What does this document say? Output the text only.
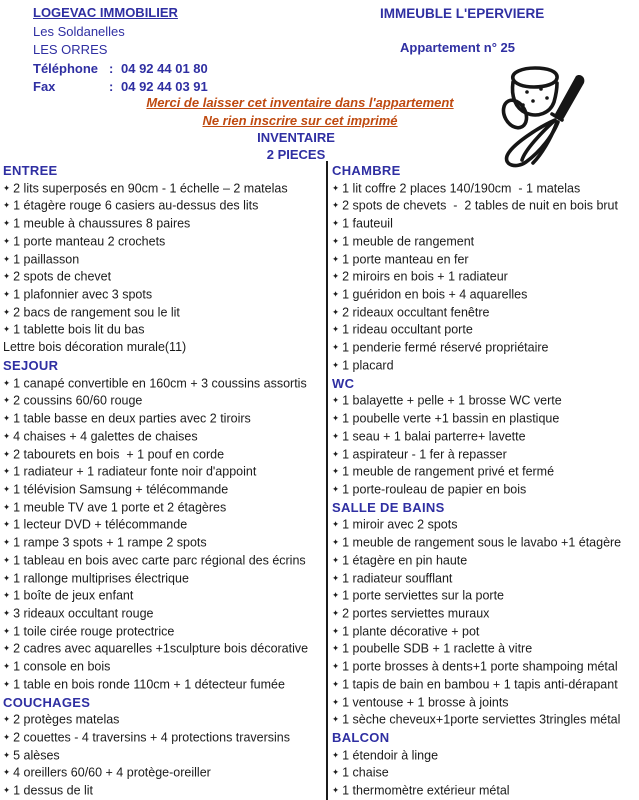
LOGEVAC IMMOBILIER
Les Soldanelles
LES ORRES
Téléphone : 04 92 44 01 80
Fax	: 04 92 44 03 91
IMMEUBLE L'EPERVIERE
Appartement n° 25
Merci de laisser cet inventaire dans l'appartement
Ne rien inscrire sur cet imprimé
INVENTAIRE
2 PIECES
ENTREE
✦ 2 lits superposés en 90cm - 1 échelle – 2 matelas
✦ 1 étagère rouge 6 casiers au-dessus des lits
✦ 1 meuble à chaussures 8 paires
✦ 1 porte manteau 2 crochets
✦ 1 paillasson
✦ 2 spots de chevet
✦ 1 plafonnier avec 3 spots
✦ 2 bacs de rangement sou le lit
✦ 1 tablette bois lit du bas
Lettre bois décoration murale(11)
SEJOUR
✦ 1 canapé convertible en 160cm + 3 coussins assortis
✦ 2 coussins 60/60 rouge
✦ 1 table basse en deux parties avec 2 tiroirs
✦ 4 chaises + 4 galettes de chaises
✦ 2 tabourets en bois  + 1 pouf en corde
✦ 1 radiateur + 1 radiateur fonte noir d'appoint
✦ 1 télévision Samsung + télécommande
✦ 1 meuble TV ave 1 porte et 2 étagères
✦ 1 lecteur DVD + télécommande
✦ 1 rampe 3 spots + 1 rampe 2 spots
✦ 1 tableau en bois avec carte parc régional des écrins
✦ 1 rallonge multiprises électrique
✦ 1 boîte de jeux enfant
✦ 3 rideaux occultant rouge
✦ 1 toile cirée rouge protectrice
✦ 2 cadres avec aquarelles +1sculpture bois décorative
✦ 1 console en bois
✦ 1 table en bois ronde 110cm + 1 détecteur fumée
COUCHAGES
✦ 2 protèges matelas
✦ 2 couettes - 4 traversins + 4 protections traversins
✦ 5 alèses
✦ 4 oreillers 60/60 + 4 protège-oreiller
✦ 1 dessus de lit
CHAMBRE
✦ 1 lit coffre 2 places 140/190cm  - 1 matelas
✦ 2 spots de chevets  -  2 tables de nuit en bois brut
✦ 1 fauteuil
✦ 1 meuble de rangement
✦ 1 porte manteau en fer
✦ 2 miroirs en bois + 1 radiateur
✦ 1 guéridon en bois + 4 aquarelles
✦ 2 rideaux occultant fenêtre
✦ 1 rideau occultant porte
✦ 1 penderie fermé réservé propriétaire
✦ 1 placard
WC
✦ 1 balayette + pelle + 1 brosse WC verte
✦ 1 poubelle verte +1 bassin en plastique
✦ 1 seau + 1 balai parterre+ lavette
✦ 1 aspirateur - 1 fer à repasser
✦ 1 meuble de rangement privé et fermé
✦ 1 porte-rouleau de papier en bois
SALLE DE BAINS
✦ 1 miroir avec 2 spots
✦ 1 meuble de rangement sous le lavabo +1 étagère
✦ 1 étagère en pin haute
✦ 1 radiateur soufflant
✦ 1 porte serviettes sur la porte
✦ 2 portes serviettes muraux
✦ 1 plante décorative + pot
✦ 1 poubelle SDB + 1 raclette à vitre
✦ 1 porte brosses à dents+1 porte shampoing métal
✦ 1 tapis de bain en bambou + 1 tapis anti-dérapant
✦ 1 ventouse + 1 brosse à joints
✦ 1 sèche cheveux+1porte serviettes 3tringles métal
BALCON
✦ 1 étendoir à linge
✦ 1 chaise
✦ 1 thermomètre extérieur métal
